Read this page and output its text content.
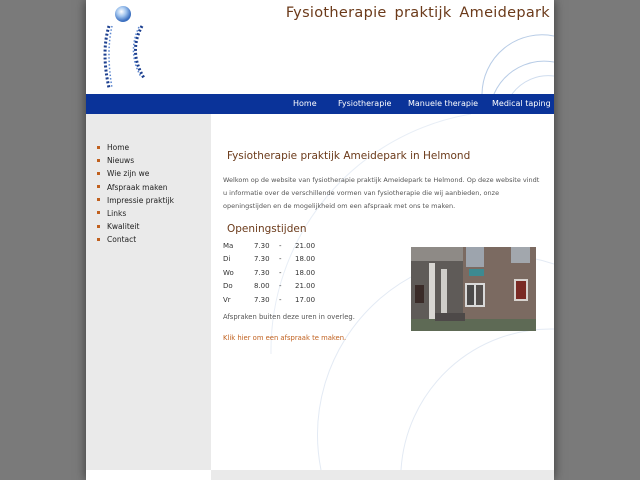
Fysiotherapie praktijk Ameidepark
Home	Fysiotherapie Manuele therapie Medical taping
Home
Nieuws
Wie zijn we
Afspraak maken
Impressie praktijk
Links
Kwaliteit
Contact
Fysiotherapie praktijk Ameidepark in Helmond
Welkom op de website van fysiotherapie praktijk Ameidepark te Helmond. Op deze website vindt u informatie over de verschillende vormen van fysiotherapie die wij aanbieden, onze openingstijden en de mogelijkheid om een afspraak met ons te maken.
Openingstijden
Ma	7.30 - 21.00
Di	7.30 - 18.00
Wo	7.30 - 18.00
Do	8.00 - 21.00
Vr	7.30 - 17.00
Afspraken buiten deze uren in overleg.
Klik hier om een afspraak te maken.
